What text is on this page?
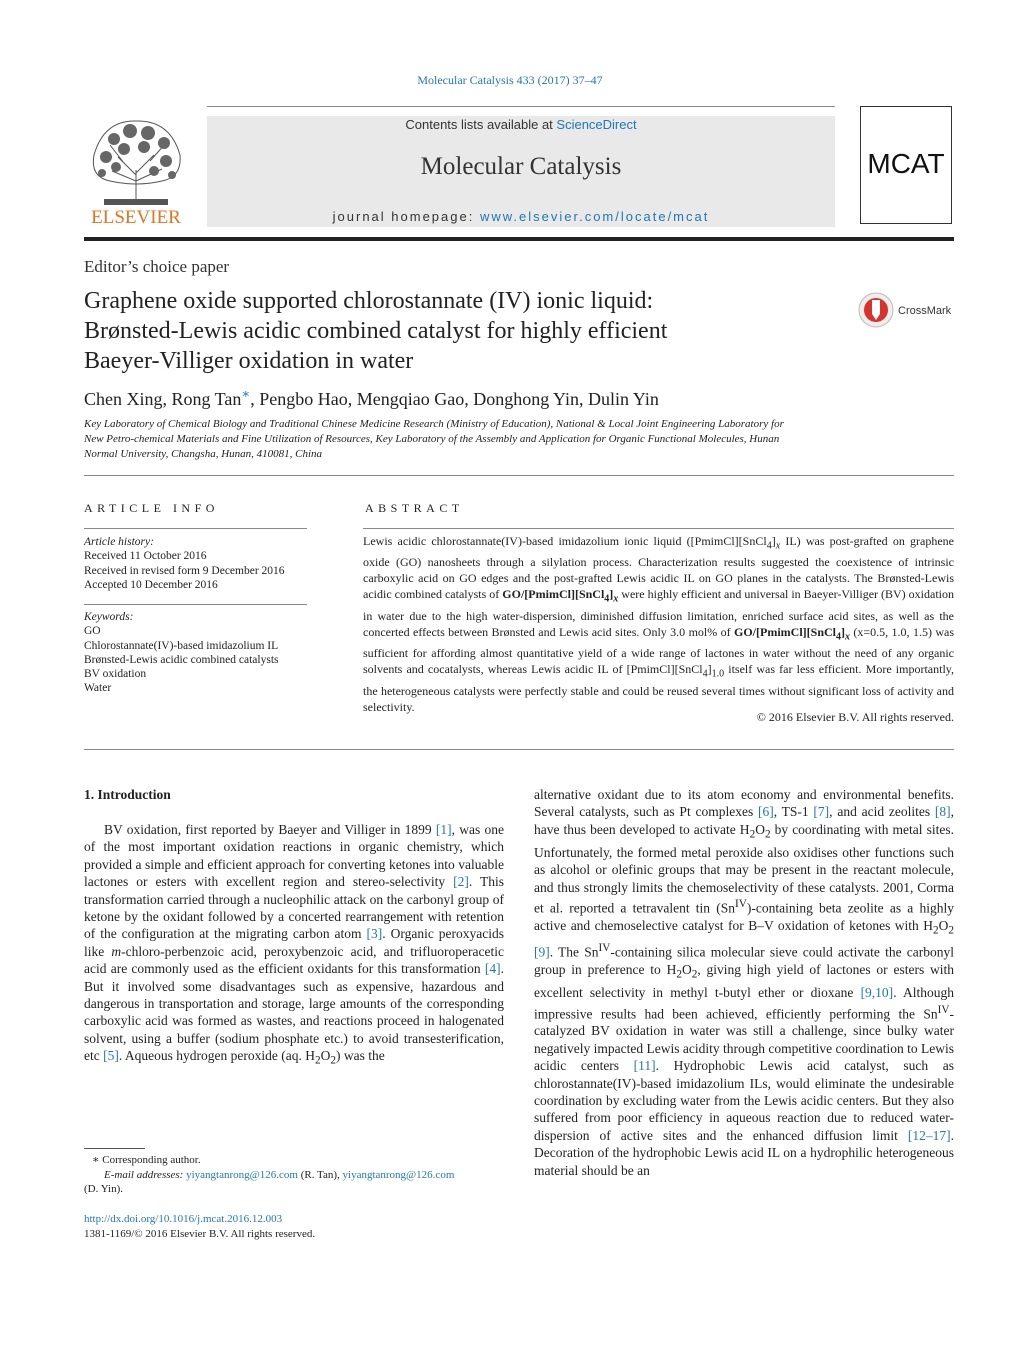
Molecular Catalysis 433 (2017) 37–47
ELSEVIER
Contents lists available at ScienceDirect
Molecular Catalysis
journal homepage: www.elsevier.com/locate/mcat
MCAT
Editor’s choice paper
Graphene oxide supported chlorostannate (IV) ionic liquid:
Brønsted-Lewis acidic combined catalyst for highly efficient
Baeyer-Villiger oxidation in water
CrossMark
Chen Xing, Rong Tan∗, Pengbo Hao, Mengqiao Gao, Donghong Yin, Dulin Yin
Key Laboratory of Chemical Biology and Traditional Chinese Medicine Research (Ministry of Education), National & Local Joint Engineering Laboratory for
New Petro-chemical Materials and Fine Utilization of Resources, Key Laboratory of the Assembly and Application for Organic Functional Molecules, Hunan
Normal University, Changsha, Hunan, 410081, China
ARTICLE INFO
Article history:
Received 11 October 2016
Received in revised form 9 December 2016
Accepted 10 December 2016
Keywords:
GO
Chlorostannate(IV)-based imidazolium IL
Brønsted-Lewis acidic combined catalysts
BV oxidation
Water
ABSTRACT
Lewis acidic chlorostannate(IV)-based imidazolium ionic liquid ($[PmimCl][SnCl_4]_x$ IL) was post-grafted on graphene oxide (GO) nanosheets through a silylation process. Characterization results suggested the coexistence of intrinsic carboxylic acid on GO edges and the post-grafted Lewis acidic IL on GO planes in the catalysts. The Brønsted-Lewis acidic combined catalysts of $GO/[PmimCl][SnCl_4]_x$ were highly efficient and universal in Baeyer-Villiger (BV) oxidation in water due to the high water-dispersion, diminished diffusion limitation, enriched surface acid sites, as well as the concerted effects between Brønsted and Lewis acid sites. Only 3.0 mol% of $GO/[PmimCl][SnCl_4]_x$ (x=0.5, 1.0, 1.5) was sufficient for affording almost quantitative yield of a wide range of lactones in water without the need of any organic solvents and cocatalysts, whereas Lewis acidic IL of $[PmimCl][SnCl_4]_{1.0}$ itself was far less efficient. More importantly, the heterogeneous catalysts were perfectly stable and could be reused several times without significant loss of activity and selectivity.
© 2016 Elsevier B.V. All rights reserved.
1. Introduction
BV oxidation, first reported by Baeyer and Villiger in 1899 [1], was one of the most important oxidation reactions in organic chemistry, which provided a simple and efficient approach for converting ketones into valuable lactones or esters with excellent region and stereo-selectivity [2]. This transformation carried through a nucleophilic attack on the carbonyl group of ketone by the oxidant followed by a concerted rearrangement with retention of the configuration at the migrating carbon atom [3]. Organic peroxyacids like m-chloro-perbenzoic acid, peroxybenzoic acid, and trifluoroperacetic acid are commonly used as the efficient oxidants for this transformation [4]. But it involved some disadvantages such as expensive, hazardous and dangerous in transportation and storage, large amounts of the corresponding carboxylic acid was formed as wastes, and reactions proceed in halogenated solvent, using a buffer (sodium phosphate etc.) to avoid transesterification, etc [5]. Aqueous hydrogen peroxide (aq. $H_2O_2$) was the
alternative oxidant due to its atom economy and environmental benefits. Several catalysts, such as Pt complexes [6], TS-1 [7], and acid zeolites [8], have thus been developed to activate $H_2O_2$ by coordinating with metal sites. Unfortunately, the formed metal peroxide also oxidises other functions such as alcohol or olefinic groups that may be present in the reactant molecule, and thus strongly limits the chemoselectivity of these catalysts. 2001, Corma et al. reported a tetravalent tin $(Sn^{IV})$-containing beta zeolite as a highly active and chemoselective catalyst for B–V oxidation of ketones with $H_2O_2$ [9]. The $Sn^{IV}$-containing silica molecular sieve could activate the carbonyl group in preference to $H_2O_2$, giving high yield of lactones or esters with excellent selectivity in methyl t-butyl ether or dioxane [9,10]. Although impressive results had been achieved, efficiently performing the $Sn^{IV}$-catalyzed BV oxidation in water was still a challenge, since bulky water negatively impacted Lewis acidity through competitive coordination to Lewis acidic centers [11]. Hydrophobic Lewis acid catalyst, such as chlorostannate(IV)-based imidazolium ILs, would eliminate the undesirable coordination by excluding water from the Lewis acidic centers. But they also suffered from poor efficiency in aqueous reaction due to reduced water-dispersion of active sites and the enhanced diffusion limit [12–17]. Decoration of the hydrophobic Lewis acid IL on a hydrophilic heterogeneous material should be an
∗ Corresponding author.
E-mail addresses: yiyangtanrong@126.com (R. Tan), yiyangtanrong@126.com
(D. Yin).
http://dx.doi.org/10.1016/j.mcat.2016.12.003
1381-1169/© 2016 Elsevier B.V. All rights reserved.
